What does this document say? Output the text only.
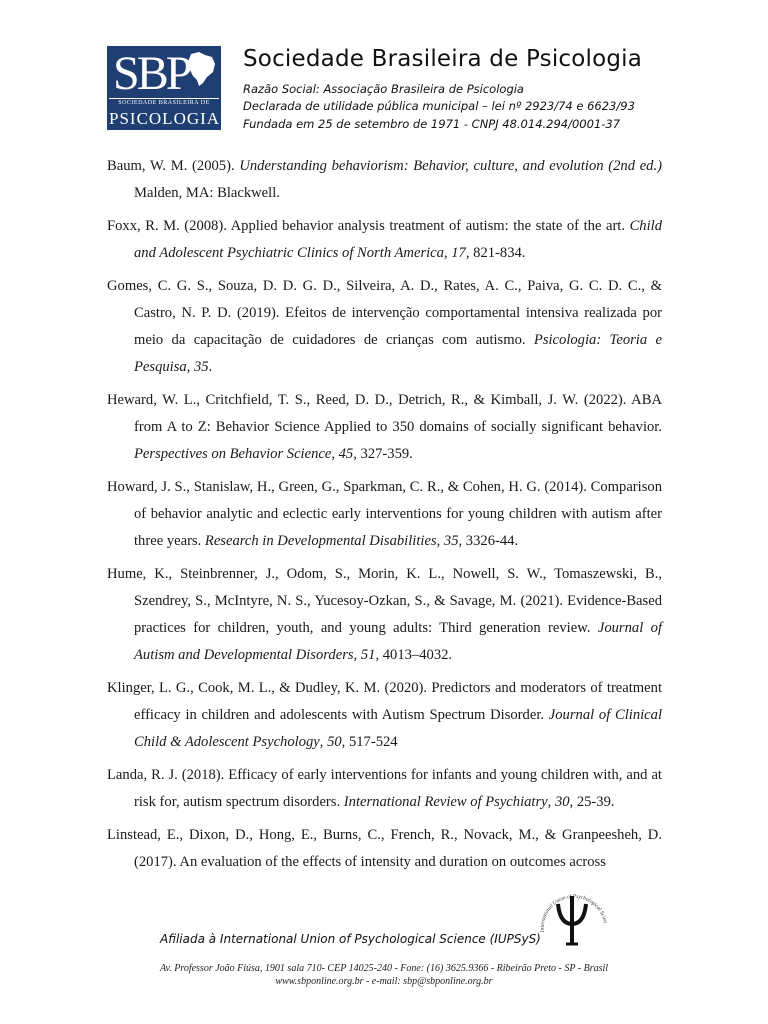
SBP
SOCIEDADE BRASILEIRA DE
PSICOLOGIA
Sociedade Brasileira de Psicologia
Razão Social: Associação Brasileira de Psicologia
Declarada de utilidade pública municipal – lei nº 2923/74 e 6623/93
Fundada em 25 de setembro de 1971 - CNPJ 48.014.294/0001-37
Baum, W. M. (2005). Understanding behaviorism: Behavior, culture, and evolution (2nd ed.) Malden, MA: Blackwell.
Foxx, R. M. (2008). Applied behavior analysis treatment of autism: the state of the art. Child and Adolescent Psychiatric Clinics of North America, 17, 821-834.
Gomes, C. G. S., Souza, D. D. G. D., Silveira, A. D., Rates, A. C., Paiva, G. C. D. C., & Castro, N. P. D. (2019). Efeitos de intervenção comportamental intensiva realizada por meio da capacitação de cuidadores de crianças com autismo. Psicologia: Teoria e Pesquisa, 35.
Heward, W. L., Critchfield, T. S., Reed, D. D., Detrich, R., & Kimball, J. W. (2022). ABA from A to Z: Behavior Science Applied to 350 domains of socially significant behavior. Perspectives on Behavior Science, 45, 327-359.
Howard, J. S., Stanislaw, H., Green, G., Sparkman, C. R., & Cohen, H. G. (2014). Comparison of behavior analytic and eclectic early interventions for young children with autism after three years. Research in Developmental Disabilities, 35, 3326-44.
Hume, K., Steinbrenner, J., Odom, S., Morin, K. L., Nowell, S. W., Tomaszewski, B., Szendrey, S., McIntyre, N. S., Yucesoy-Ozkan, S., & Savage, M. (2021). Evidence-Based practices for children, youth, and young adults: Third generation review. Journal of Autism and Developmental Disorders, 51, 4013–4032.
Klinger, L. G., Cook, M. L., & Dudley, K. M. (2020). Predictors and moderators of treatment efficacy in children and adolescents with Autism Spectrum Disorder. Journal of Clinical Child & Adolescent Psychology, 50, 517-524
Landa, R. J. (2018). Efficacy of early interventions for infants and young children with, and at risk for, autism spectrum disorders. International Review of Psychiatry, 30, 25-39.
Linstead, E., Dixon, D., Hong, E., Burns, C., French, R., Novack, M., & Granpeesheh, D. (2017). An evaluation of the effects of intensity and duration on outcomes across
International Union of Psychological Scien
Afiliada à International Union of Psychological Science (IUPSyS)
Av. Professor João Fiúsa, 1901 sala 710- CEP 14025-240 - Fone: (16) 3625.9366 - Ribeirão Preto - SP - Brasil
www.sbponline.org.br - e-mail: sbp@sbponline.org.br
